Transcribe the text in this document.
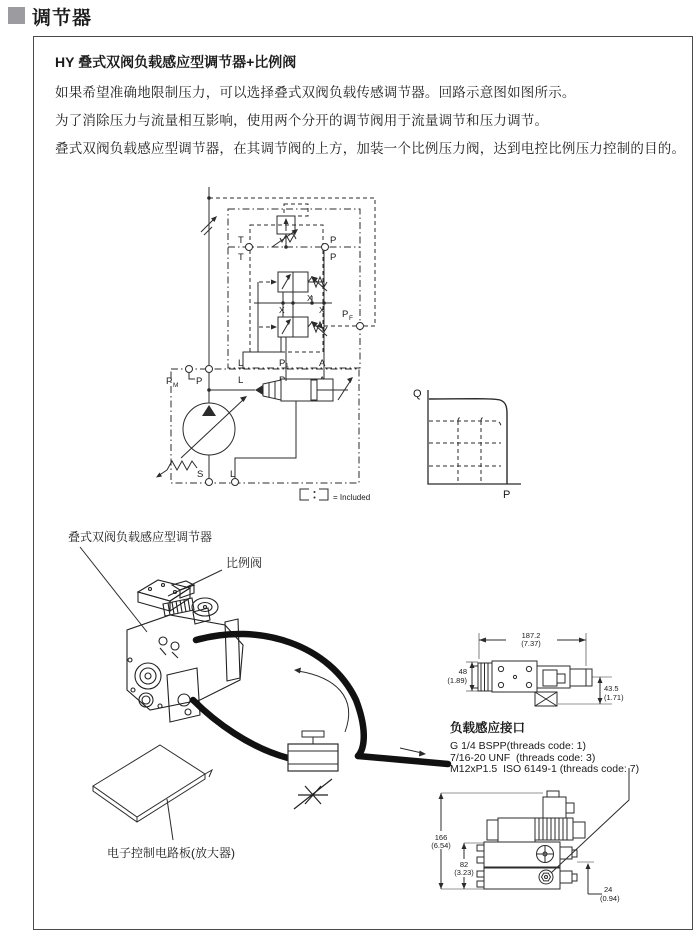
调节器
HY 叠式双阀负载感应型调节器+比例阀
如果希望准确地限制压力，可以选择叠式双阀负载传感调节器。回路示意图如图所示。
为了消除压力与流量相互影响，使用两个分开的调节阀用于流量调节和压力调节。
叠式双阀负载感应型调节器，在其调节阀的上方，加装一个比例压力阀，达到电控比例压力控制的目的。
T
T
P
P
X
X
X P F
L	P₁	A
L
P M P
S	L
= Included
Q
P
叠式双阀负载感应型调节器
比例阀
电子控制电路板(放大器)
负载感应接口
G 1/4 BSPP(threads code: 1)
7/16-20 UNF  (threads code: 3)
M12xP1.5  ISO 6149-1 (threads code: 7)
187.2
(7.37)
48
(1.89)
43.5
(1.71)
166
(6.54)
82
(3.23)
24
(0.94)
